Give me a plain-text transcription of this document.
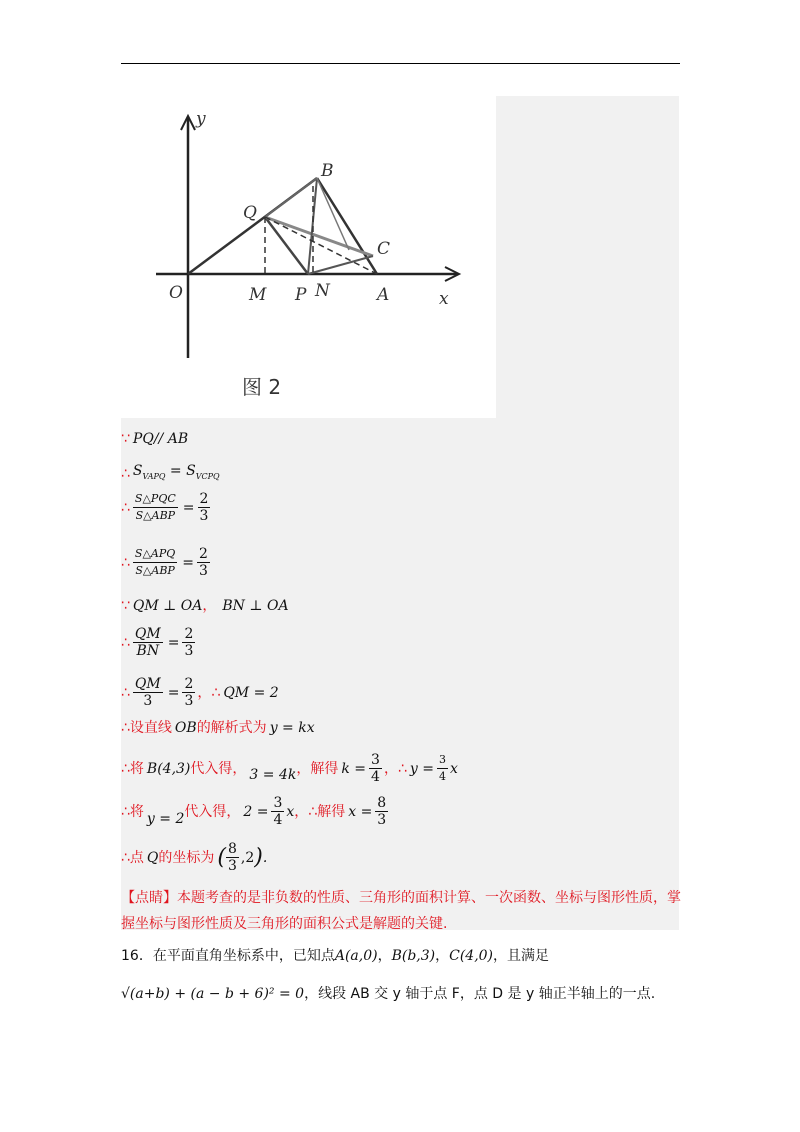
y
x
O	M P N	A
B
C
Q
图 2
∵ PQ// AB
∴ $S_{VAPQ} = S_{VCPQ}$
∴ $\frac{\text{S△PQC}}{\text{S△ABP}} = \frac{2}{3}$
∴ $\frac{\text{S△APQ}}{\text{S△ABP}} = \frac{2}{3}$
∵ QM ⊥ OA ， BN ⊥ OA
∴ $\frac{QM}{BN} = \frac{2}{3}$
∴ $\frac{QM}{3} = \frac{2}{3}$ ， ∴ QM = 2
∴设直线 OB 的解析式为 y = kx
∴将 B(4,3) 代入得， 3 = 4k ，解得 $k = \frac{3}{4}$ ， ∴ $y = \frac{3}{4}$ x
∴将 y = 2 代入得， $2 = \frac{3}{4}$ x ， ∴解得 $x = \frac{8}{3}$
∴点 Q 的坐标为 ( $\frac{8}{3} ,2$ ) .
【点睛】本题考查的是非负数的性质、三角形的面积计算、一次函数、坐标与图形性质，掌握坐标与图形性质及三角形的面积公式是解题的关键.
16．在平面直角坐标系中，已知点A(a,0)，B(b,3)，C(4,0)，且满足
√(a+b) + (a − b + 6)² = 0，线段 AB 交 y 轴于点 F，点 D 是 y 轴正半轴上的一点.
